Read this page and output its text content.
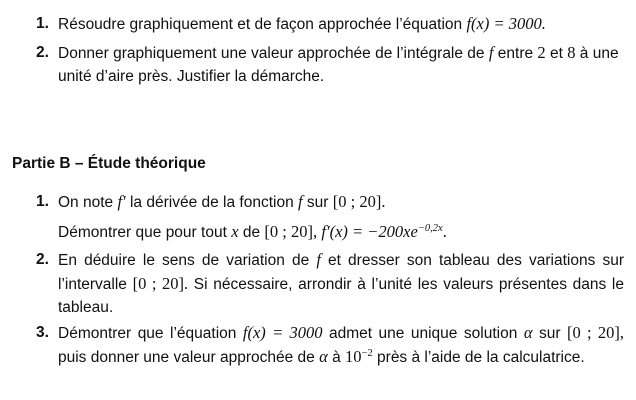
1. Résoudre graphiquement et de façon approchée l’équation f(x) = 3000.
2. Donner graphiquement une valeur approchée de l’intégrale de f entre 2 et 8 à une unité d’aire près. Justifier la démarche.
Partie B – Étude théorique
1. On note f′ la dérivée de la fonction f sur [0 ; 20].
Démontrer que pour tout x de [0 ; 20], $f'(x) = -200xe^{-0,2x}$.
2. En déduire le sens de variation de f et dresser son tableau des variations sur l’intervalle [0 ; 20]. Si nécessaire, arrondir à l’unité les valeurs présentes dans le tableau.
3. Démontrer que l’équation f(x) = 3000 admet une unique solution α sur [0 ; 20], puis donner une valeur approchée de α à $10^{-2}$ près à l’aide de la calculatrice.
